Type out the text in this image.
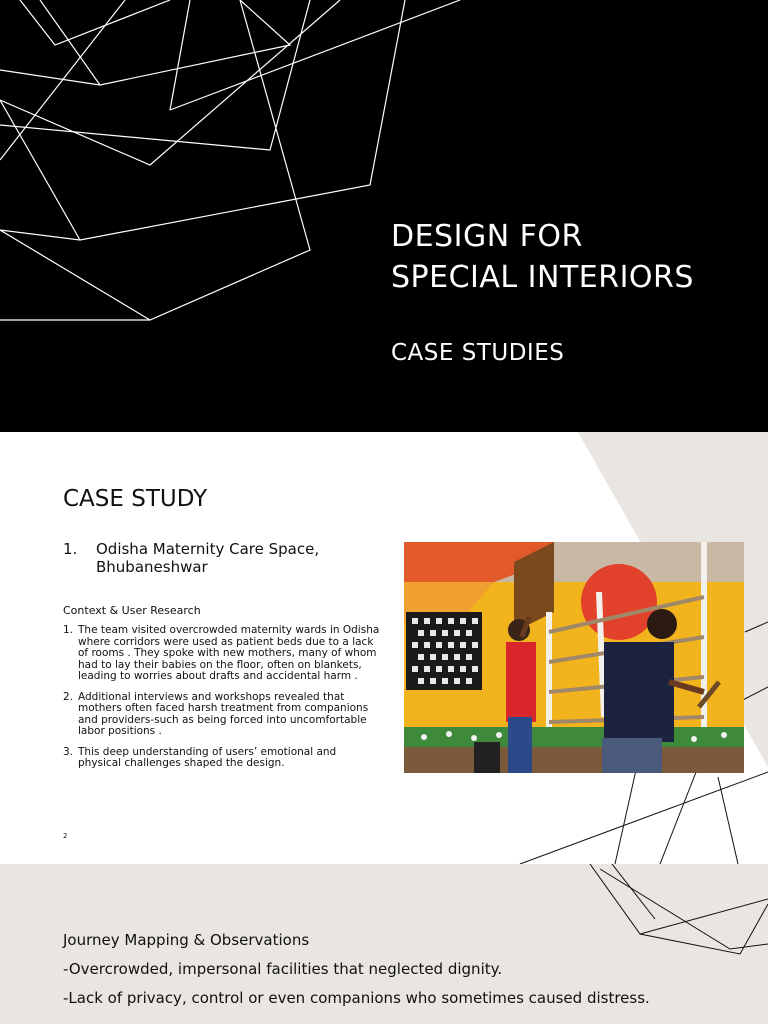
DESIGN FOR
SPECIAL INTERIORS
CASE STUDIES
CASE STUDY
1. Odisha Maternity Care Space,
Bhubaneshwar
Context & User Research
1. The team visited overcrowded maternity wards in Odisha where corridors were used as patient beds due to a lack of rooms . They spoke with new mothers, many of whom had to lay their babies on the floor, often on blankets, leading to worries about drafts and accidental harm .
2. Additional interviews and workshops revealed that mothers often faced harsh treatment from companions and providers-such as being forced into uncomfortable labor positions .
3. This deep understanding of users’ emotional and physical challenges shaped the design.
2
Journey Mapping & Observations
-Overcrowded, impersonal facilities that neglected dignity.
-Lack of privacy, control or even companions who sometimes caused distress.
